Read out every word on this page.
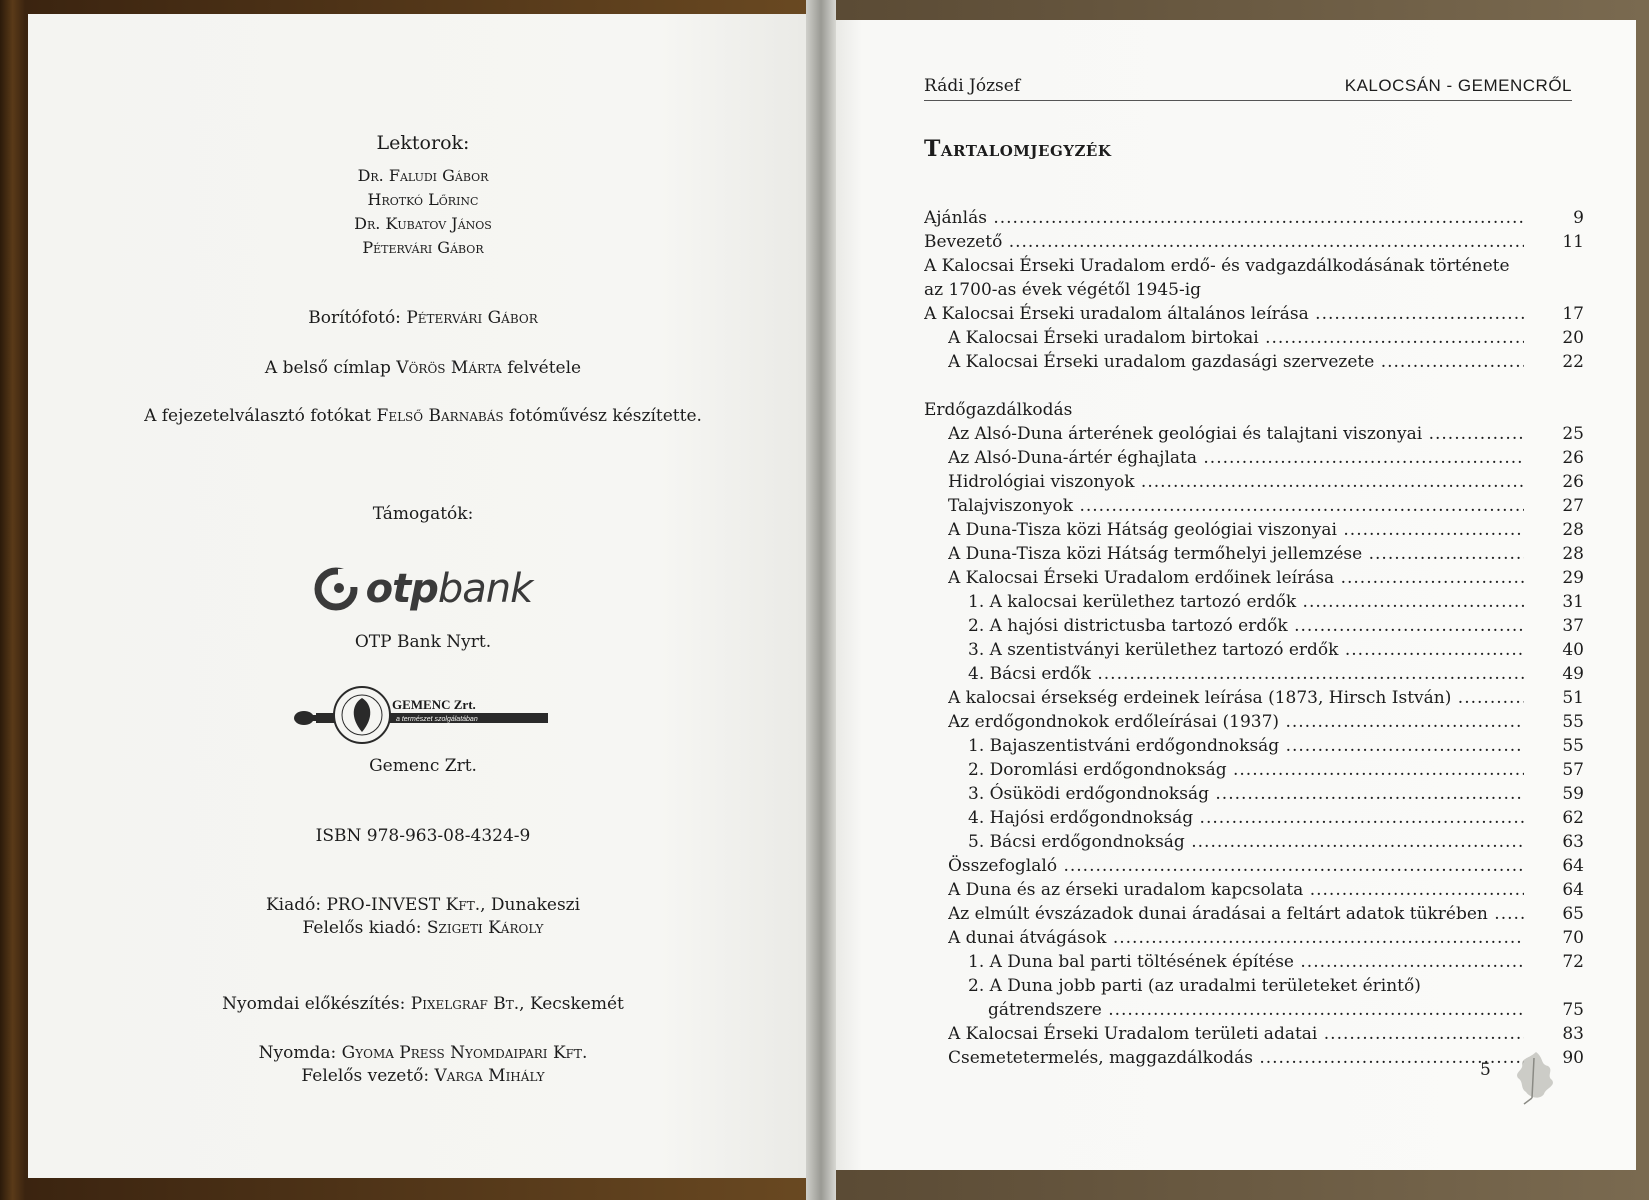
Lektorok:
Dr. Faludi Gábor
Hrotkó Lőrinc
Dr. Kubatov János
Pétervári Gábor
Borítófotó: Pétervári Gábor
A belső címlap Vörös Márta felvétele
A fejezetelválasztó fotókat Felső Barnabás fotóművész készítette.
Támogatók:
otpbank
OTP Bank Nyrt.
GEMENC Zrt.
a természet szolgálatában
Gemenc Zrt.
ISBN 978-963-08-4324-9
Kiadó: PRO-INVEST Kft., Dunakeszi
Felelős kiadó: Szigeti Károly
Nyomdai előkészítés: Pixelgraf Bt., Kecskemét
Nyomda: Gyoma Press Nyomdaipari Kft.
Felelős vezető: Varga Mihály
Rádi József	KALOCSÁN - GEMENCRŐL
Tartalomjegyzék
Ajánlás .....	9
Bevezető .....	11
A Kalocsai Érseki Uradalom erdő- és vadgazdálkodásának története
az 1700-as évek végétől 1945-ig
A Kalocsai Érseki uradalom általános leírása .....	17
A Kalocsai Érseki uradalom birtokai .....	20
A Kalocsai Érseki uradalom gazdasági szervezete .....	22
Erdőgazdálkodás
Az Alsó-Duna árterének geológiai és talajtani viszonyai .....	25
Az Alsó-Duna-ártér éghajlata .....	26
Hidrológiai viszonyok .....	26
Talajviszonyok .....	27
A Duna-Tisza közi Hátság geológiai viszonyai .....	28
A Duna-Tisza közi Hátság termőhelyi jellemzése .....	28
A Kalocsai Érseki Uradalom erdőinek leírása .....	29
1. A kalocsai kerülethez tartozó erdők .....	31
2. A hajósi districtusba tartozó erdők .....	37
3. A szentistványi kerülethez tartozó erdők .....	40
4. Bácsi erdők .....	49
A kalocsai érsekség erdeinek leírása (1873, Hirsch István) .....	51
Az erdőgondnokok erdőleírásai (1937) .....	55
1. Bajaszentistváni erdőgondnokság .....	55
2. Doromlási erdőgondnokság .....	57
3. Ósüködi erdőgondnokság .....	59
4. Hajósi erdőgondnokság .....	62
5. Bácsi erdőgondnokság .....	63
Összefoglaló .....	64
A Duna és az érseki uradalom kapcsolata .....	64
Az elmúlt évszázadok dunai áradásai a feltárt adatok tükrében .....	65
A dunai átvágások .....	70
1. A Duna bal parti töltésének építése .....	72
2. A Duna jobb parti (az uradalmi területeket érintő)
gátrendszere .....	75
A Kalocsai Érseki Uradalom területi adatai .....	83
Csemetetermelés, maggazdálkodás .....	90
5
